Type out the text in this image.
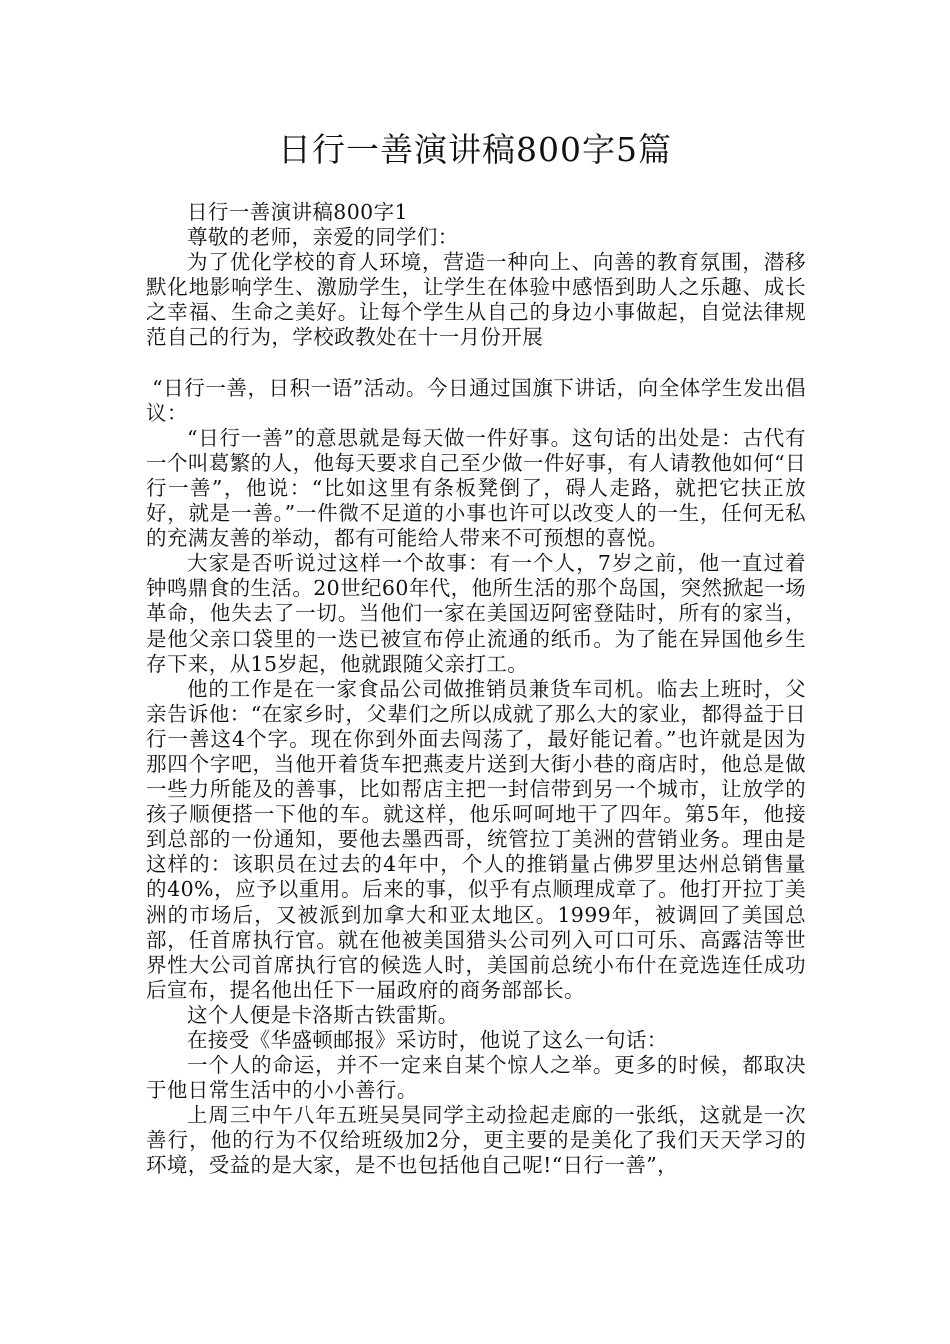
日行一善演讲稿800字5篇

日行一善演讲稿800字1

尊敬的老师，亲爱的同学们：

为了优化学校的育人环境，营造一种向上、向善的教育氛围，潜移默化地影响学生、激励学生，让学生在体验中感悟到助人之乐趣、成长之幸福、生命之美好。让每个学生从自己的身边小事做起，自觉法律规范自己的行为，学校政教处在十一月份开展

“日行一善，日积一语”活动。今日通过国旗下讲话，向全体学生发出倡议：

“日行一善”的意思就是每天做一件好事。这句话的出处是：古代有一个叫葛繁的人，他每天要求自己至少做一件好事，有人请教他如何“日行一善”，他说：“比如这里有条板凳倒了，碍人走路，就把它扶正放好，就是一善。”一件微不足道的小事也许可以改变人的一生，任何无私的充满友善的举动，都有可能给人带来不可预想的喜悦。

大家是否听说过这样一个故事：有一个人，7岁之前，他一直过着钟鸣鼎食的生活。20世纪60年代，他所生活的那个岛国，突然掀起一场革命，他失去了一切。当他们一家在美国迈阿密登陆时，所有的家当，是他父亲口袋里的一迭已被宣布停止流通的纸币。为了能在异国他乡生存下来，从15岁起，他就跟随父亲打工。

他的工作是在一家食品公司做推销员兼货车司机。临去上班时，父亲告诉他：“在家乡时，父辈们之所以成就了那么大的家业，都得益于日行一善这4个字。现在你到外面去闯荡了，最好能记着。”也许就是因为那四个字吧，当他开着货车把燕麦片送到大街小巷的商店时，他总是做一些力所能及的善事，比如帮店主把一封信带到另一个城市，让放学的孩子顺便搭一下他的车。就这样，他乐呵呵地干了四年。第5年，他接到总部的一份通知，要他去墨西哥，统管拉丁美洲的营销业务。理由是这样的：该职员在过去的4年中，个人的推销量占佛罗里达州总销售量的40%，应予以重用。后来的事，似乎有点顺理成章了。他打开拉丁美洲的市场后，又被派到加拿大和亚太地区。1999年，被调回了美国总部，任首席执行官。就在他被美国猎头公司列入可口可乐、高露洁等世界性大公司首席执行官的候选人时，美国前总统小布什在竞选连任成功后宣布，提名他出任下一届政府的商务部部长。

这个人便是卡洛斯古铁雷斯。

在接受《华盛顿邮报》采访时，他说了这么一句话：

一个人的命运，并不一定来自某个惊人之举。更多的时候，都取决于他日常生活中的小小善行。

上周三中午八年五班吴昊同学主动捡起走廊的一张纸，这就是一次善行，他的行为不仅给班级加2分，更主要的是美化了我们天天学习的环境，受益的是大家，是不也包括他自己呢!“日行一善”，
